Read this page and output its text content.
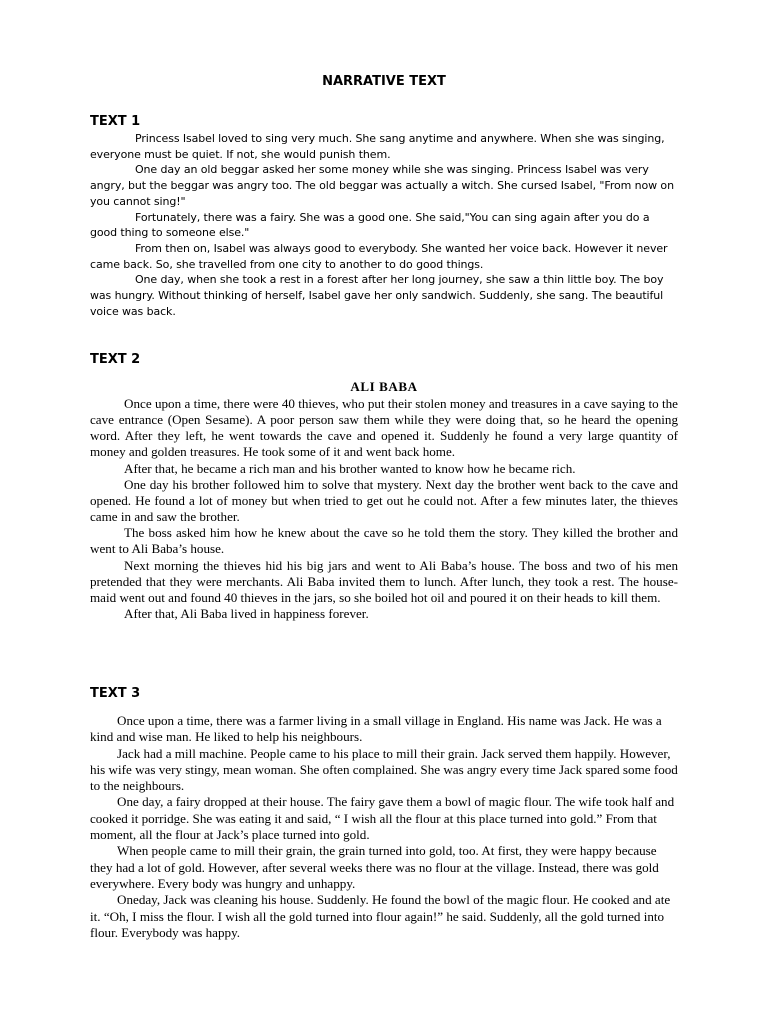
NARRATIVE TEXT
TEXT 1

Princess Isabel loved to sing very much. She sang anytime and anywhere. When she was singing, everyone must be quiet. If not, she would punish them.

One day an old beggar asked her some money while she was singing. Princess Isabel was very angry, but the beggar was angry too. The old beggar was actually a witch. She cursed Isabel, "From now on you cannot sing!"

Fortunately, there was a fairy. She was a good one. She said,"You can sing again after you do a good thing to someone else."

From then on, Isabel was always good to everybody. She wanted her voice back. However it never came back. So, she travelled from one city to another to do good things.

One day, when she took a rest in a forest after her long journey, she saw a thin little boy. The boy was hungry. Without thinking of herself, Isabel gave her only sandwich. Suddenly, she sang. The beautiful voice was back.

TEXT 2
ALI BABA

Once upon a time, there were 40 thieves, who put their stolen money and treasures in a cave saying to the cave entrance (Open Sesame). A poor person saw them while they were doing that, so he heard the opening word. After they left, he went towards the cave and opened it. Suddenly he found a very large quantity of money and golden treasures. He took some of it and went back home.

After that, he became a rich man and his brother wanted to know how he became rich.

One day his brother followed him to solve that mystery. Next day the brother went back to the cave and opened. He found a lot of money but when tried to get out he could not. After a few minutes later, the thieves came in and saw the brother.

The boss asked him how he knew about the cave so he told them the story. They killed the brother and went to Ali Baba’s house.

Next morning the thieves hid his big jars and went to Ali Baba’s house. The boss and two of his men pretended that they were merchants. Ali Baba invited them to lunch. After lunch, they took a rest. The house-maid went out and found 40 thieves in the jars, so she boiled hot oil and poured it on their heads to kill them.

After that, Ali Baba lived in happiness forever.

TEXT 3

Once upon a time, there was a farmer living in a small village in England. His name was Jack. He was a kind and wise man. He liked to help his neighbours.

Jack had a mill machine. People came to his place to mill their grain. Jack served them happily. However, his wife was very stingy, mean woman. She often complained. She was angry every time Jack spared some food to the neighbours.

One day, a fairy dropped at their house. The fairy gave them a bowl of magic flour. The wife took half and cooked it porridge. She was eating it and said, “ I wish all the flour at this place turned into gold.” From that moment, all the flour at Jack’s place turned into gold.

When people came to mill their grain, the grain turned into gold, too. At first, they were happy because they had a lot of gold. However, after several weeks there was no flour at the village. Instead, there was gold everywhere. Every body was hungry and unhappy.

Oneday, Jack was cleaning his house. Suddenly. He found the bowl of the magic flour. He cooked and ate it. “Oh, I miss the flour. I wish all the gold turned into flour again!” he said. Suddenly, all the gold turned into flour. Everybody was happy.
